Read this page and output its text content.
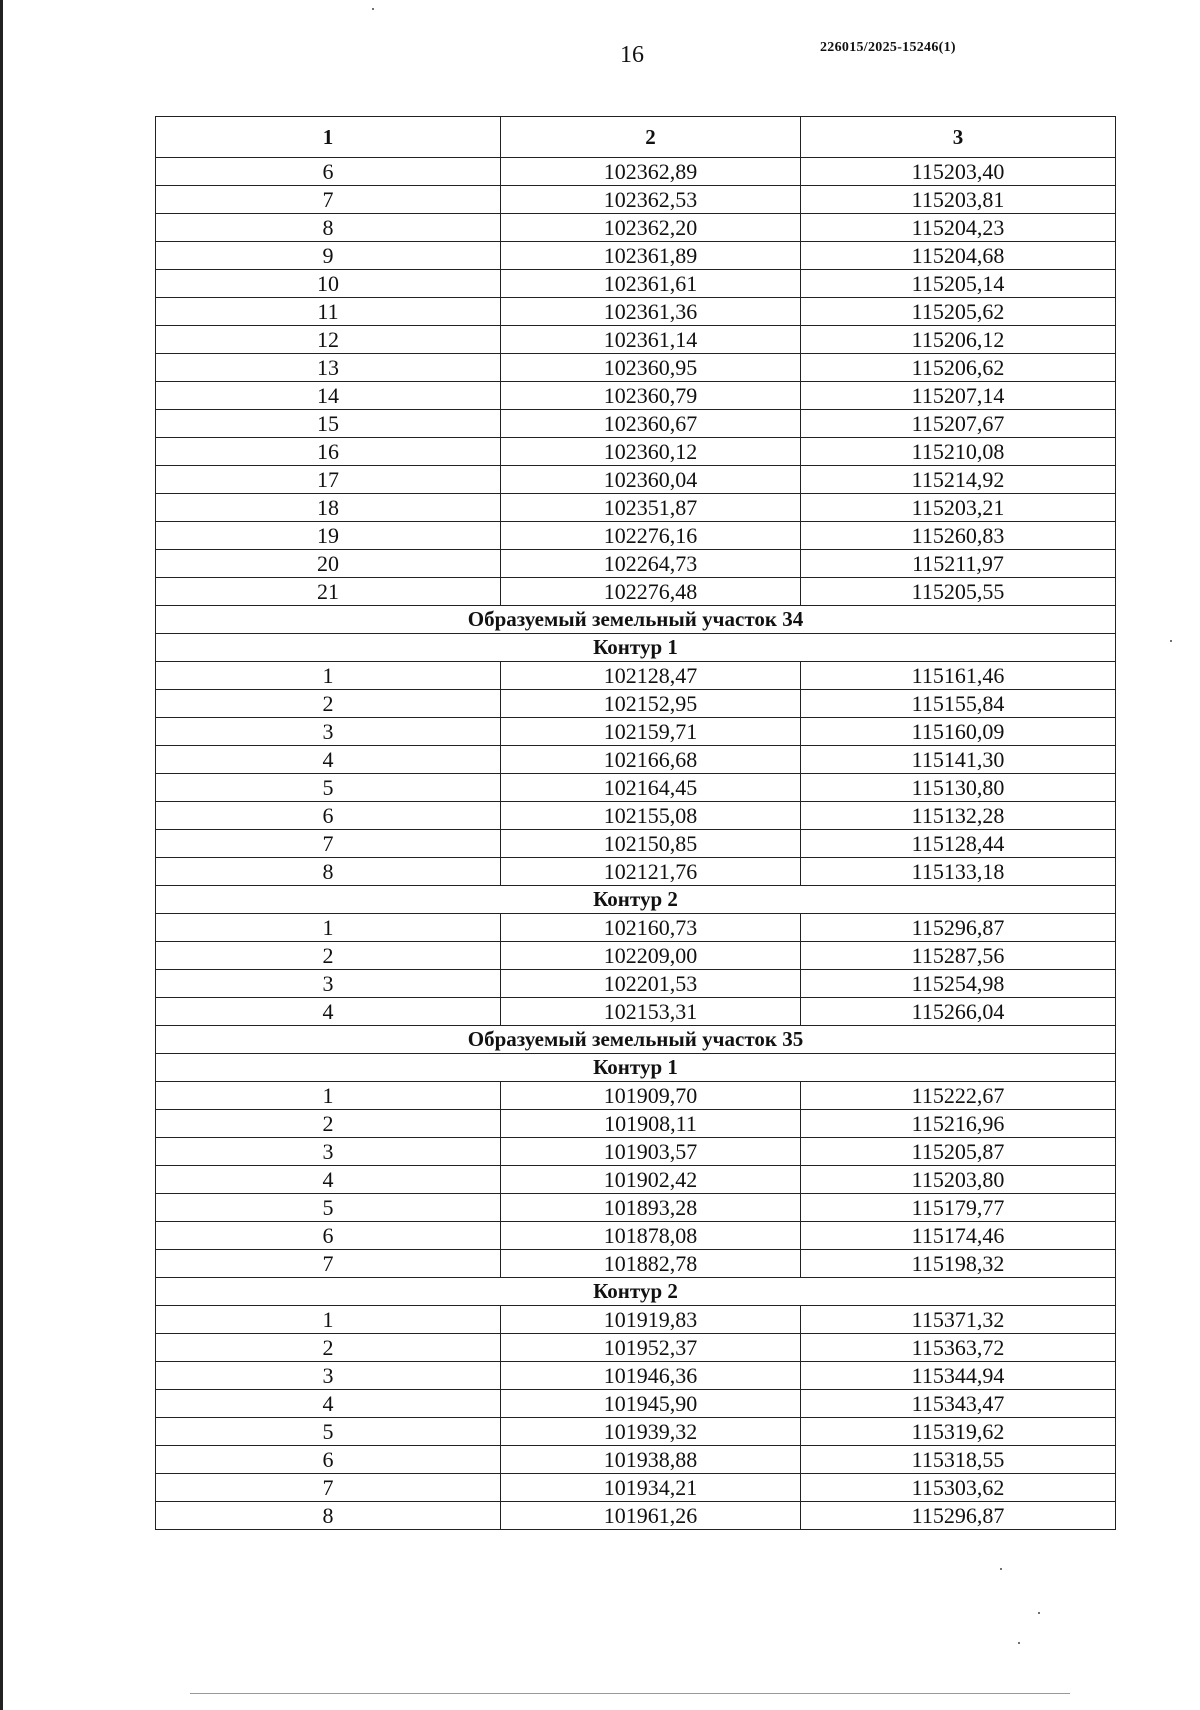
16	226015/2025-15246(1)
1	2	3
6	102362,89	115203,40
7	102362,53	115203,81
8	102362,20	115204,23
9	102361,89	115204,68
10	102361,61	115205,14
11	102361,36	115205,62
12	102361,14	115206,12
13	102360,95	115206,62
14	102360,79	115207,14
15	102360,67	115207,67
16	102360,12	115210,08
17	102360,04	115214,92
18	102351,87	115203,21
19	102276,16	115260,83
20	102264,73	115211,97
21	102276,48	115205,55
Образуемый земельный участок 34		
Контур 1		
1	102128,47	115161,46
2	102152,95	115155,84
3	102159,71	115160,09
4	102166,68	115141,30
5	102164,45	115130,80
6	102155,08	115132,28
7	102150,85	115128,44
8	102121,76	115133,18
Контур 2		
1	102160,73	115296,87
2	102209,00	115287,56
3	102201,53	115254,98
4	102153,31	115266,04
Образуемый земельный участок 35		
Контур 1		
1	101909,70	115222,67
2	101908,11	115216,96
3	101903,57	115205,87
4	101902,42	115203,80
5	101893,28	115179,77
6	101878,08	115174,46
7	101882,78	115198,32
Контур 2		
1	101919,83	115371,32
2	101952,37	115363,72
3	101946,36	115344,94
4	101945,90	115343,47
5	101939,32	115319,62
6	101938,88	115318,55
7	101934,21	115303,62
8	101961,26	115296,87
